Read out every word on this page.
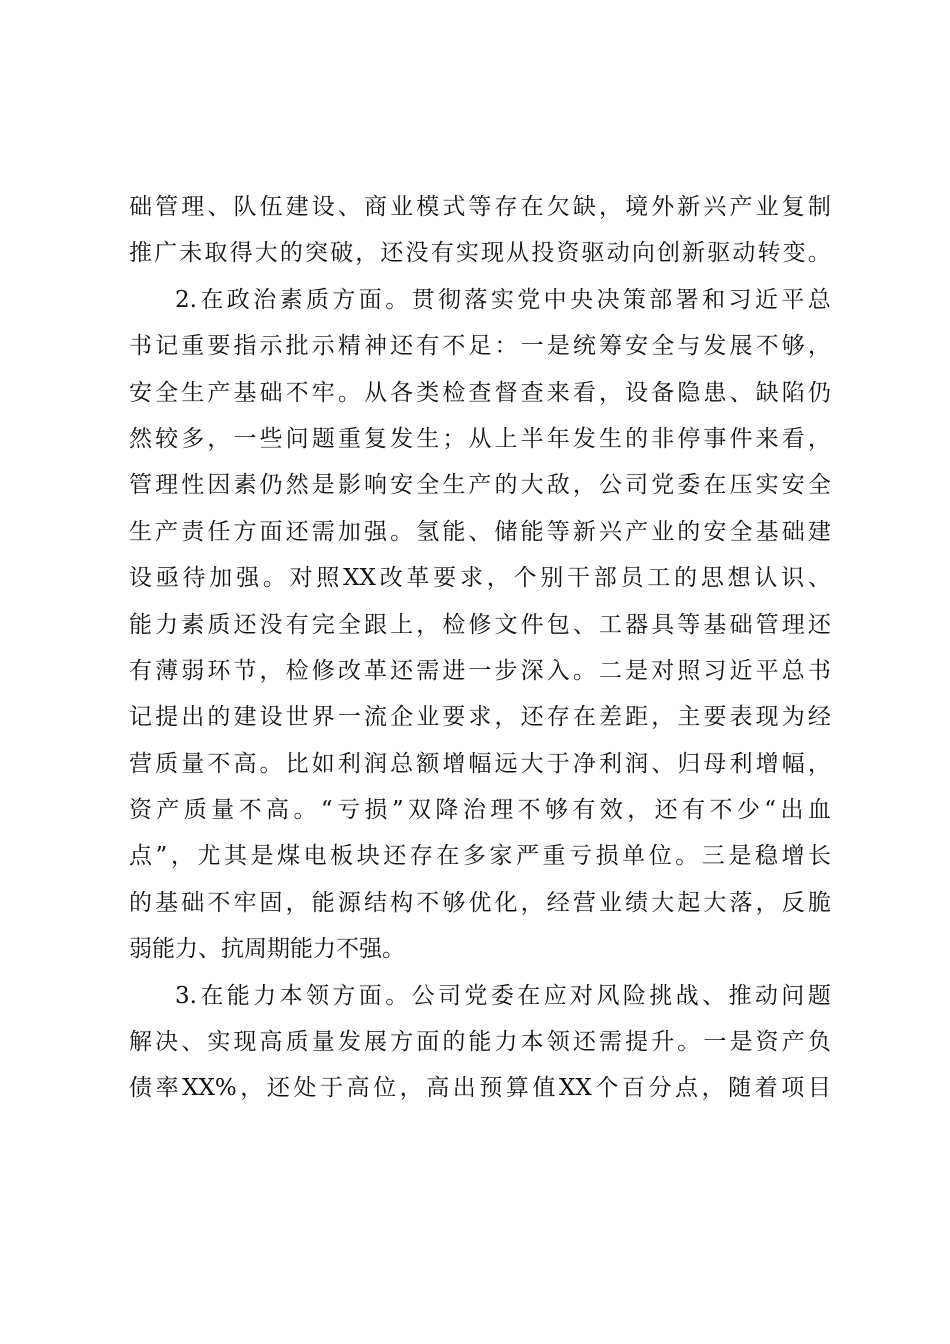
础 管 理 、 队 伍 建 设 、 商 业 模 式 等 存 在 欠 缺 ， 境 外 新 兴 产 业 复 制
推 广 未 取 得 大 的 突 破 ， 还 没 有 实 现 从 投 资 驱 动 向 创 新 驱 动 转 变 。
2. 在 政 治 素 质 方 面 。 贯 彻 落 实 党 中 央 决 策 部 署 和 习 近 平 总
书 记 重 要 指 示 批 示 精 神 还 有 不 足 ： 一 是 统 筹 安 全 与 发 展 不 够 ，
安 全 生 产 基 础 不 牢 。 从 各 类 检 查 督 查 来 看 ， 设 备 隐 患 、 缺 陷 仍
然 较 多 ， 一 些 问 题 重 复 发 生 ； 从 上 半 年 发 生 的 非 停 事 件 来 看 ，
管 理 性 因 素 仍 然 是 影 响 安 全 生 产 的 大 敌 ， 公 司 党 委 在 压 实 安 全
生 产 责 任 方 面 还 需 加 强 。 氢 能 、 储 能 等 新 兴 产 业 的 安 全 基 础 建
设 亟 待 加 强 。 对 照 XX 改 革 要 求 ， 个 别 干 部 员 工 的 思 想 认 识 、
能 力 素 质 还 没 有 完 全 跟 上 ， 检 修 文 件 包 、 工 器 具 等 基 础 管 理 还
有 薄 弱 环 节 ， 检 修 改 革 还 需 进 一 步 深 入 。 二 是 对 照 习 近 平 总 书
记 提 出 的 建 设 世 界 一 流 企 业 要 求 ， 还 存 在 差 距 ， 主 要 表 现 为 经
营 质 量 不 高 。 比 如 利 润 总 额 增 幅 远 大 于 净 利 润 、 归 母 利 增 幅 ，
资 产 质 量 不 高 。 “ 亏 损 ” 双 降 治 理 不 够 有 效 ， 还 有 不 少 “ 出 血
点 ” ， 尤 其 是 煤 电 板 块 还 存 在 多 家 严 重 亏 损 单 位 。 三 是 稳 增 长
的 基 础 不 牢 固 ， 能 源 结 构 不 够 优 化 ， 经 营 业 绩 大 起 大 落 ， 反 脆
弱 能 力 、 抗 周 期 能 力 不 强 。
3. 在 能 力 本 领 方 面 。 公 司 党 委 在 应 对 风 险 挑 战 、 推 动 问 题
解 决 、 实 现 高 质 量 发 展 方 面 的 能 力 本 领 还 需 提 升 。 一 是 资 产 负
债 率 XX% ， 还 处 于 高 位 ， 高 出 预 算 值 XX 个 百 分 点 ， 随 着 项 目
